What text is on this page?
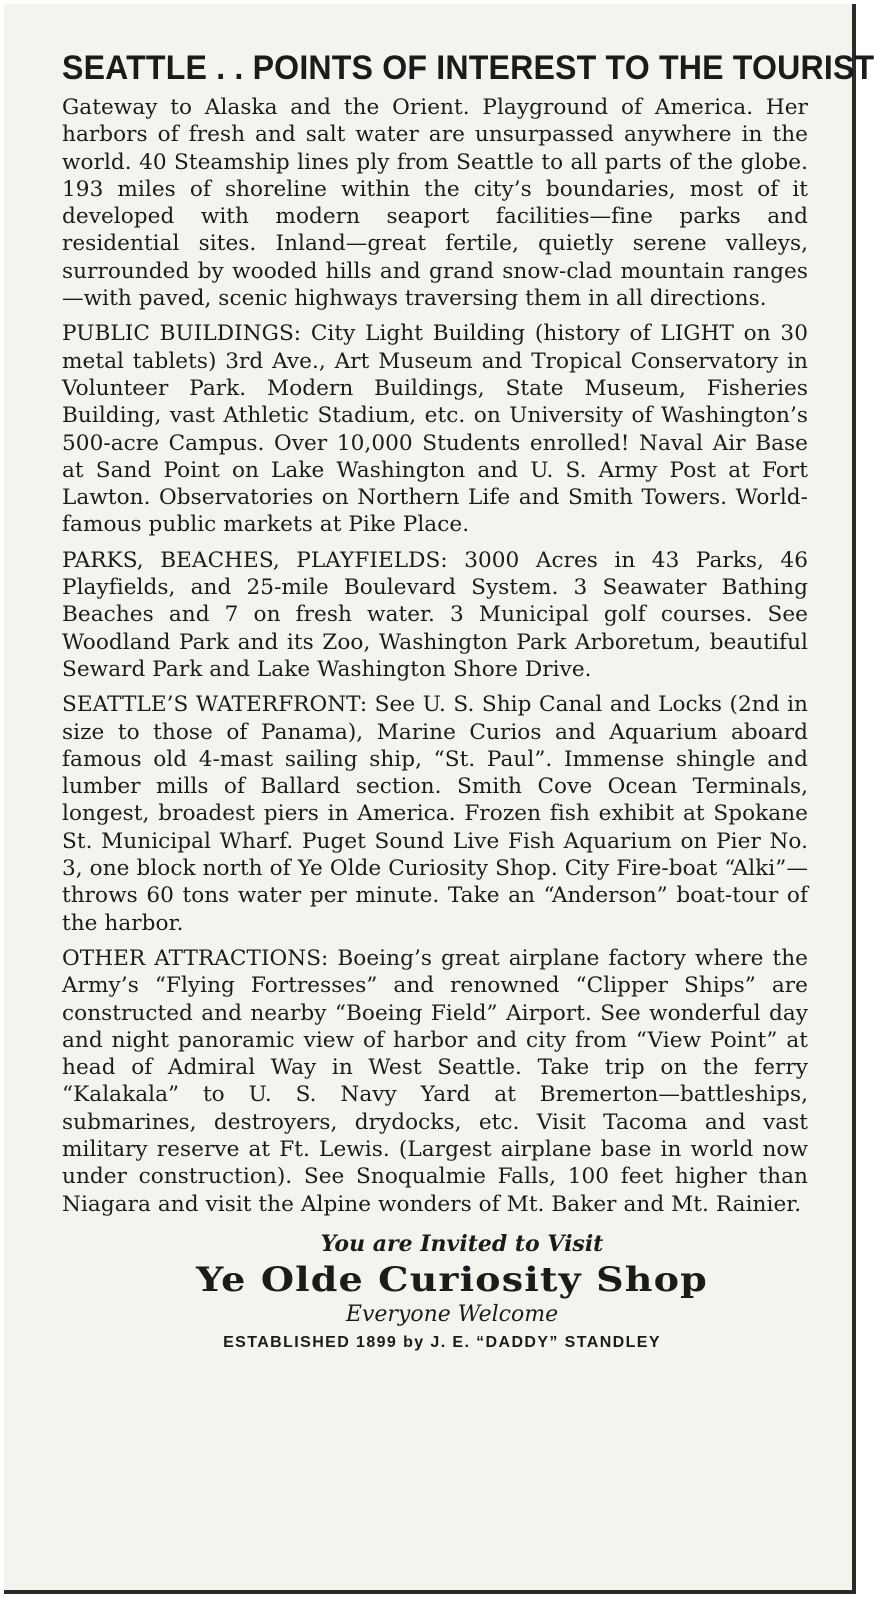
SEATTLE . . POINTS OF INTEREST TO THE TOURIST

Gateway to Alaska and the Orient. Playground of America. Her harbors of fresh and salt water are unsurpassed anywhere in the world. 40 Steamship lines ply from Seattle to all parts of the globe. 193 miles of shoreline within the city’s boundaries, most of it developed with modern seaport facilities—fine parks and residential sites. Inland—great fertile, quietly serene valleys, surrounded by wooded hills and grand snow-clad mountain ranges—with paved, scenic highways traversing them in all directions.

PUBLIC BUILDINGS: City Light Building (history of LIGHT on 30 metal tablets) 3rd Ave., Art Museum and Tropical Conservatory in Volunteer Park. Modern Buildings, State Museum, Fisheries Building, vast Athletic Stadium, etc. on University of Washington’s 500-acre Campus. Over 10,000 Students enrolled! Naval Air Base at Sand Point on Lake Washington and U. S. Army Post at Fort Lawton. Observatories on Northern Life and Smith Towers. World-famous public markets at Pike Place.

PARKS, BEACHES, PLAYFIELDS: 3000 Acres in 43 Parks, 46 Playfields, and 25-mile Boulevard System. 3 Seawater Bathing Beaches and 7 on fresh water. 3 Municipal golf courses. See Woodland Park and its Zoo, Washington Park Arboretum, beautiful Seward Park and Lake Washington Shore Drive.

SEATTLE’S WATERFRONT: See U. S. Ship Canal and Locks (2nd in size to those of Panama), Marine Curios and Aquarium aboard famous old 4-mast sailing ship, “St. Paul”. Immense shingle and lumber mills of Ballard section. Smith Cove Ocean Terminals, longest, broadest piers in America. Frozen fish exhibit at Spokane St. Municipal Wharf. Puget Sound Live Fish Aquarium on Pier No. 3, one block north of Ye Olde Curiosity Shop. City Fire-boat “Alki”—throws 60 tons water per minute. Take an “Anderson” boat-tour of the harbor.

OTHER ATTRACTIONS: Boeing’s great airplane factory where the Army’s “Flying Fortresses” and renowned “Clipper Ships” are constructed and nearby “Boeing Field” Airport. See wonderful day and night panoramic view of harbor and city from “View Point” at head of Admiral Way in West Seattle. Take trip on the ferry “Kalakala” to U. S. Navy Yard at Bremerton—battleships, submarines, destroyers, drydocks, etc. Visit Tacoma and vast military reserve at Ft. Lewis. (Largest airplane base in world now under construction). See Snoqualmie Falls, 100 feet higher than Niagara and visit the Alpine wonders of Mt. Baker and Mt. Rainier.

You are Invited to Visit
Ye Olde Curiosity Shop
Everyone Welcome
ESTABLISHED 1899 by J. E. “DADDY” STANDLEY
